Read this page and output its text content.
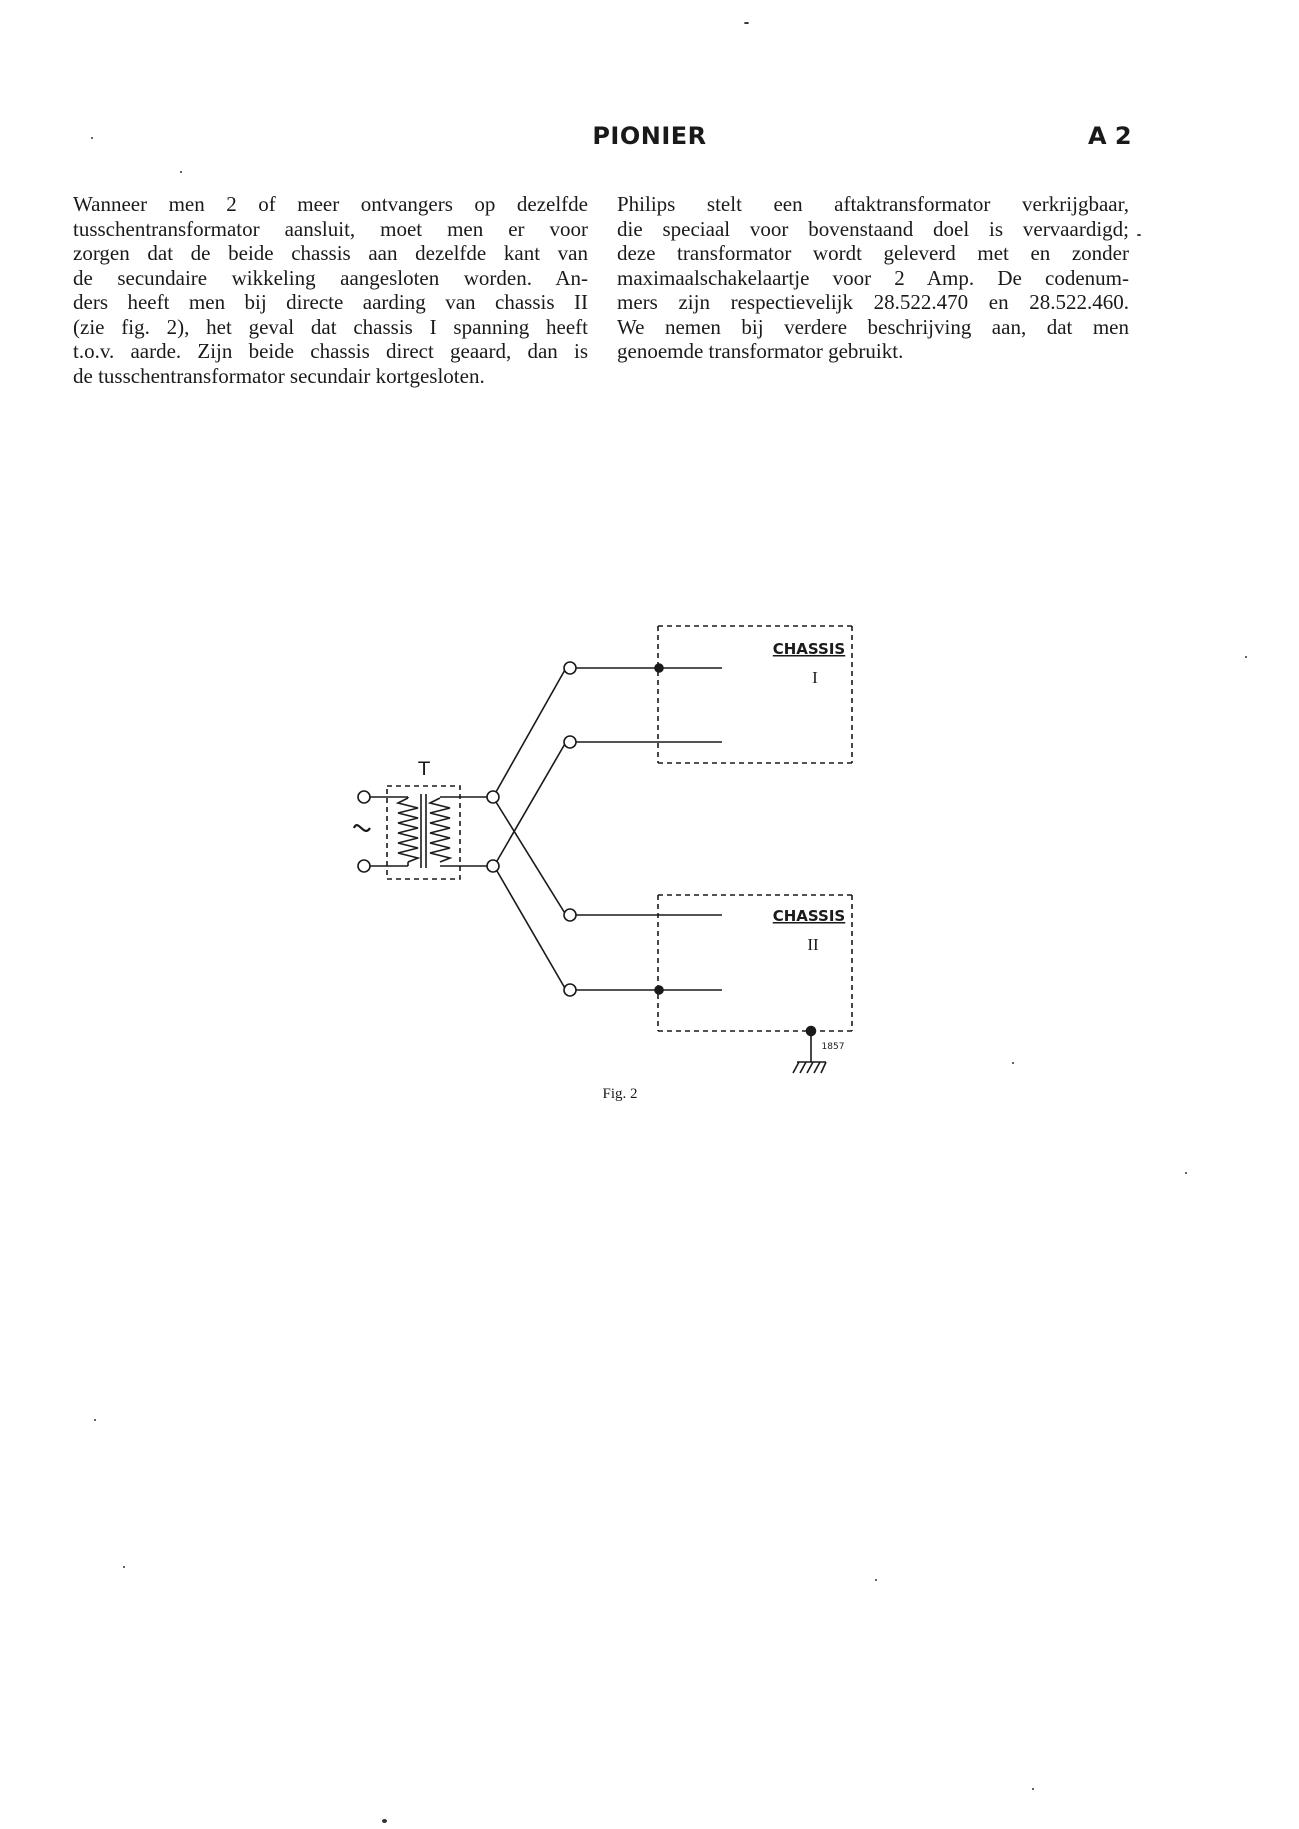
PIONIER	A 2
Wanneer men 2 of meer ontvangers op dezelfde
tusschentransformator aansluit, moet men er voor
zorgen dat de beide chassis aan dezelfde kant van
de secundaire wikkeling aangesloten worden. An-
ders heeft men bij directe aarding van chassis II
(zie fig. 2), het geval dat chassis I spanning heeft
t.o.v. aarde. Zijn beide chassis direct geaard, dan is
de tusschentransformator secundair kortgesloten.
Philips stelt een aftaktransformator verkrijgbaar,
die speciaal voor bovenstaand doel is vervaardigd;
deze transformator wordt geleverd met en zonder
maximaalschakelaartje voor 2 Amp. De codenum-
mers zijn respectievelijk 28.522.470 en 28.522.460.
We nemen bij verdere beschrijving aan, dat men
genoemde transformator gebruikt.
T
CHASSIS
I
CHASSIS
II
1857
Fig. 2
